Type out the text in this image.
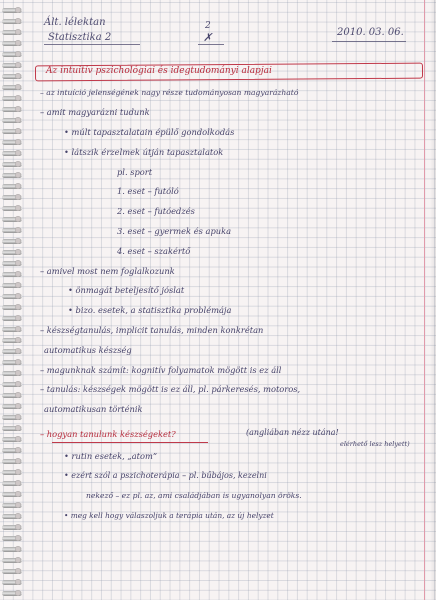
Ált. lélektan
Statisztika 2
2
✗	2010. 03. 06.
Az intuitív pszichológiai és idegtudományi alapjai
– az intuíció jelenségének nagy része tudományosan magyarázható
– amit magyarázni tudunk
• múlt tapasztalatain épülő gondolkodás
• látszik érzelmek útján tapasztalatok
pl. sport
1. eset – futóló
2. eset – futóedzés
3. eset – gyermek és apuka
4. eset – szakértő
– amivel most nem foglalkozunk
• önmagát beteljesítő jóslat
• bizo. esetek, a statisztika problémája
– készségtanulás, implicit tanulás, minden konkrétan
automatikus készség
– magunknak számít: kognitív folyamatok mögött is ez áll
– tanulás: készségek mögött is ez áll, pl. párkeresés, motoros,
automatikusan történik
– hogyan tanulunk készségeket?	(angliában nézz utána!
elérhető lesz helyett)
• rutin esetek, „atom”
• ezért szól a pszichoterápia – pl. bűbájos, kezelni
nekező – ez pl. az, ami családjában is ugyanolyan öröks.
• meg kell hogy válaszoljuk a terápia után, az új helyzet
